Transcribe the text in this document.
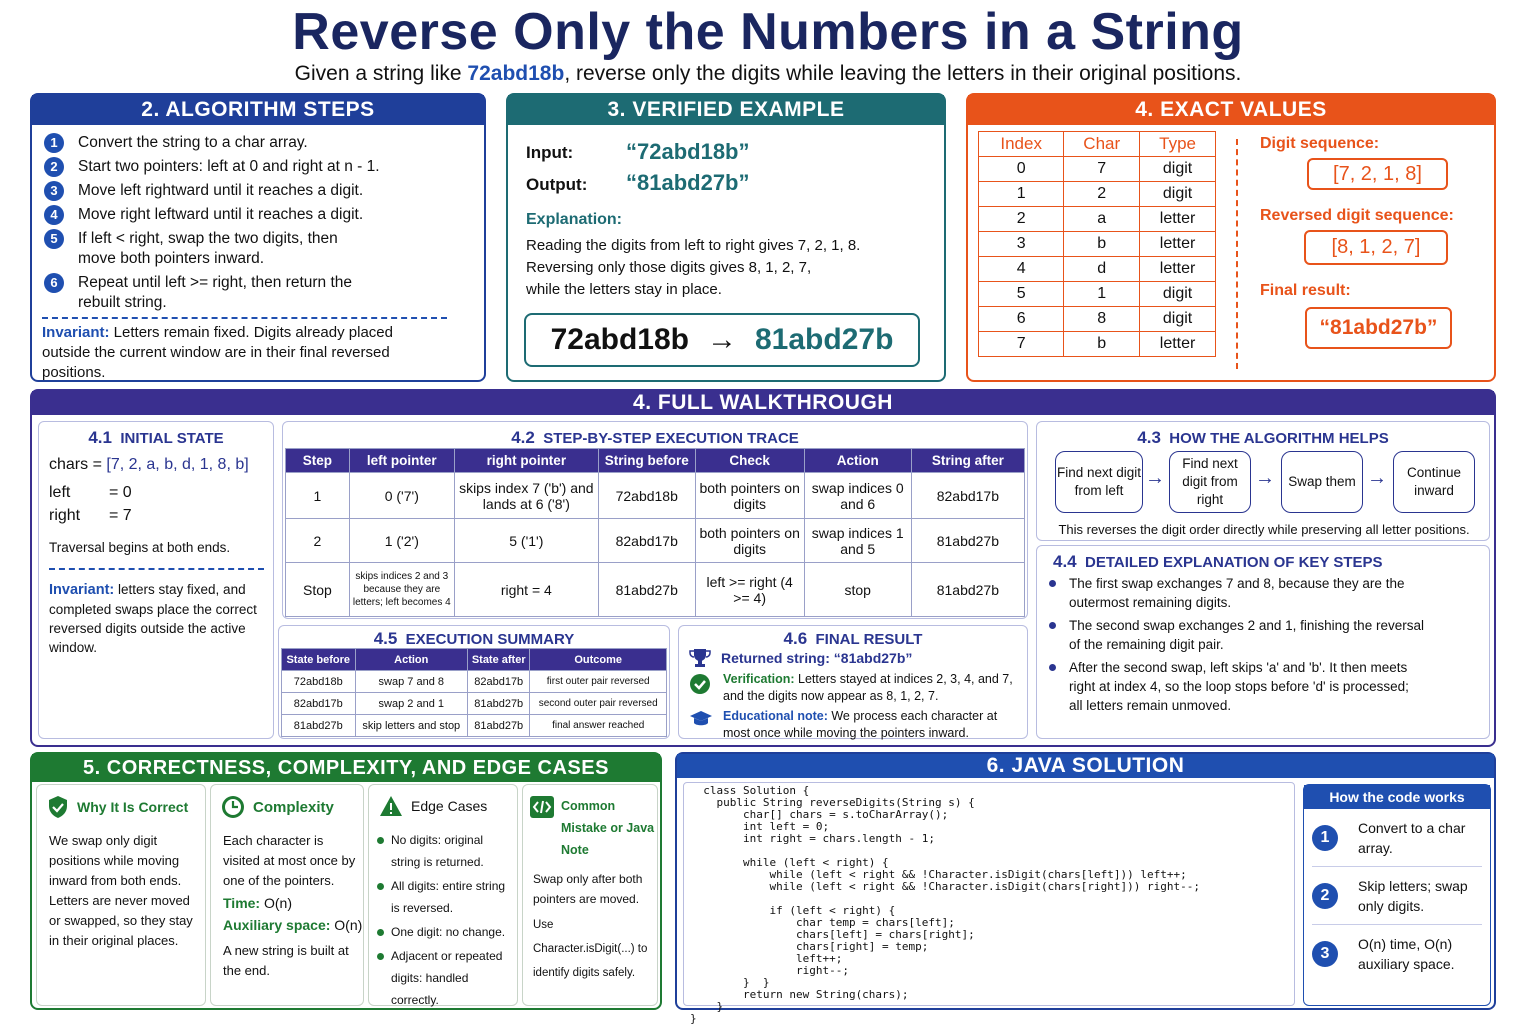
Reverse Only the Numbers in a String
Given a string like 72abd18b, reverse only the digits while leaving the letters in their original positions.
2. ALGORITHM STEPS
1	Convert the string to a char array.
2	Start two pointers: left at 0 and right at n - 1.
3	Move left rightward until it reaches a digit.
4	Move right leftward until it reaches a digit.
5	If left < right, swap the two digits, then move both pointers inward.
6	Repeat until left >= right, then return the rebuilt string.
Invariant: Letters remain fixed. Digits already placed outside the current window are in their final reversed positions.
3. VERIFIED EXAMPLE
Input: “72abd18b”
Output: “81abd27b”
Explanation:
Reading the digits from left to right gives 7, 2, 1, 8.
Reversing only those digits gives 8, 1, 2, 7,
while the letters stay in place.
72abd18b → 81abd27b
4. EXACT VALUES
Index	Char	Type
0	7	digit
1	2	digit
2	a	letter
3	b	letter
4	d	letter
5	1	digit
6	8	digit
7	b	letter
Digit sequence:
[7, 2, 1, 8]
Reversed digit sequence:
[8, 1, 2, 7]
Final result:
“81abd27b”
4. FULL WALKTHROUGH
4.1 INITIAL STATE
chars = [7, 2, a, b, d, 1, 8, b]
left = 0
right = 7
Traversal begins at both ends.
Invariant: letters stay fixed, and completed swaps place the correct reversed digits outside the active window.
4.2 STEP-BY-STEP EXECUTION TRACE
Step	left pointer	right pointer	String before	Check	Action	String after
1	0 ('7')	skips index 7 ('b') and lands at 6 ('8')	72abd18b	both pointers on digits	swap indices 0 and 6	82abd17b
2	1 ('2')	5 ('1')	82abd17b	both pointers on digits	swap indices 1 and 5	81abd27b
Stop	skips indices 2 and 3 because they are letters; left becomes 4	right = 4	81abd27b	left >= right (4 >= 4)	stop	81abd27b
4.3 HOW THE ALGORITHM HELPS
Find next digit from left
→
Find next digit from right
→ Swap them →	Continue inward
This reverses the digit order directly while preserving all letter positions.
4.4 DETAILED EXPLANATION OF KEY STEPS
The first swap exchanges 7 and 8, because they are the outermost remaining digits.
The second swap exchanges 2 and 1, finishing the reversal of the remaining digit pair.
After the second swap, left skips 'a' and 'b'. It then meets right at index 4, so the loop stops before 'd' is processed; all letters remain unmoved.
4.5 EXECUTION SUMMARY
State before	Action	State after	Outcome
72abd18b	swap 7 and 8	82abd17b	first outer pair reversed
82abd17b	swap 2 and 1	81abd27b	second outer pair reversed
81abd27b	skip letters and stop	81abd27b	final answer reached
4.6 FINAL RESULT
Returned string: “81abd27b”
Verification: Letters stayed at indices 2, 3, 4, and 7, and the digits now appear as 8, 1, 2, 7.
Educational note: We process each character at most once while moving the pointers inward.
5. CORRECTNESS, COMPLEXITY, AND EDGE CASES
Why It Is Correct
We swap only digit positions while moving inward from both ends. Letters are never moved or swapped, so they stay in their original places.
Complexity
Each character is visited at most once by one of the pointers.
Time: O(n)
Auxiliary space: O(n)
A new string is built at the end.
Edge Cases
No digits: original string is returned.
All digits: entire string is reversed.
One digit: no change.
Adjacent or repeated digits: handled correctly.
Common Mistake or Java Note
Swap only after both pointers are moved.
Use Character.isDigit(...) to identify digits safely.
6. JAVA SOLUTION
class Solution {
public String reverseDigits(String s) {
char[] chars = s.toCharArray();
int left = 0;
int right = chars.length - 1;

while (left < right) {
while (left < right && !Character.isDigit(chars[left])) left++;
while (left < right && !Character.isDigit(chars[right])) right--;

if (left < right) {
char temp = chars[left];
chars[left] = chars[right];
chars[right] = temp;
left++;
right--;
}  }
return new String(chars);
}
}
How the code works
1
Convert to a char array.
2
Skip letters; swap only digits.
3
O(n) time, O(n) auxiliary space.
